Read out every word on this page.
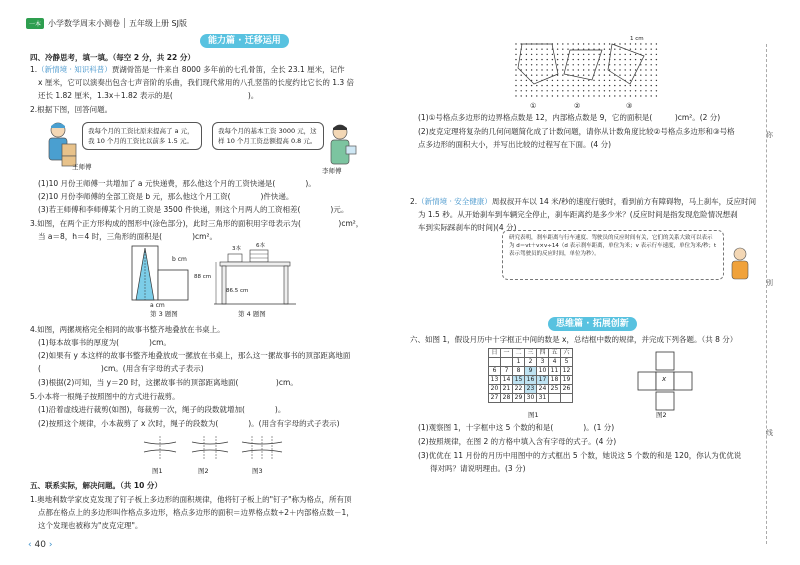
一本 小学数学周末小测卷 五年级上册 SJ版
能力篇 · 迁移运用
四、冷静思考，填一填。（每空 2 分，共 22 分）
1.（新情境 · 知识科普）贾湖骨笛是一件来自 8000 多年前的七孔骨笛，全长 23.1 厘米，记作
x 厘米，它可以演奏出包含七声音阶的乐曲，我们现代常用的八孔竖笛的长度约比它长的 1.3 倍
还长 1.82 厘米，1.3x＋1.82 表示的是(　　　　　　　　　　)。
2.根据下图，回答问题。
我每个月的工资比原来提高了 a 元，我 10 个月的工资比以前多 1.5 元。
我每个月的基本工资 3000 元，这样 10 个月工资总额提高 0.8 元。
王师傅	李师傅
(1)10 月份王师傅一共增加了 a 元快递费，那么他这个月的工资快递是(　　　　)。
(2)10 月份李师傅的全部工资是 b 元，那么他这个月工资(　　　　)件快递。
(3)若王师傅和李师傅某个月的工资是 3500 件快递，则这个月两人的工资相差(　　　　)元。
3.如图，在两个正方形构成的图形中(涂色部分)，此时三角形的面积用字母表示为(　　　　　)cm²，
当 a＝8，h＝4 时，三角形的面积是(　　　　)cm²。
b cm
a cm
第 3 题图
3本	6本
88 cm
86.5 cm
第 4 题图
4.如图，两摞规格完全相同的故事书整齐地叠放在书桌上。
(1)每本故事书的厚度为(　　　　)cm。
(2)如果有 y 本这样的故事书整齐地叠放成一摞放在书桌上，那么这一摞故事书的顶部距离地面
(　　　　　　　　)cm。(用含有字母的式子表示)
(3)根据(2)可知，当 y＝20 时，这摞故事书的顶部距离地面(　　　　　)cm。
5.小本将一根绳子按照图中的方式进行裁剪。
(1)沿着虚线进行裁剪(如图)，每裁剪一次，绳子的段数就增加(　　　　)。
(2)按照这个规律，小本裁剪了 x 次时，绳子的段数为(　　　　)。(用含有字母的式子表示)
图1	图2	图3
五、联系实际，解决问题。（共 10 分）
1.奥地利数学家皮克发现了钉子板上多边形的面积规律，他将钉子板上的"钉子"称为格点，所有顶
点都在格点上的多边形叫作格点多边形，格点多边形的面积＝边界格点数÷2＋内部格点数－1，
这个发现也被称为"皮克定理"。
‹ 40 ›
1 cm
①	②	③
(1)①号格点多边形的边界格点数是 12，内部格点数是 9，它的面积是(　　　)cm²。(2 分)
(2)皮克定理将复杂的几何问题简化成了计数问题，请你从计数角度比较②号格点多边形和③号格
点多边形的面积大小，并写出比较的过程写在下面。(4 分)
2.（新情境 · 安全健康）周叔叔开车以 14 米/秒的速度行驶时，看到前方有障碍物，马上刹车，反应时间
为 1.5 秒。从开始刹车到车辆完全停止，刹车距离约是多少米？(反应时间是指发现危险情况想刹
车到实际踩刹车的时间)(4 分)
研究表明，刹车距离与行车速度、驾驶员的反应时间有关，它们的关系大致可以表示为 d＝vt＋v×v÷14（d 表示刹车距离，单位为米；v 表示行车速度，单位为米/秒；t 表示驾驶员的反应时间，单位为秒）。
思维篇 · 拓展创新
六、如图 1，假设月历中十字框正中间的数是 x，总结框中数的规律，并完成下列各题。（共 8 分）
日	一	二	三	四	五	六
		1	2	3	4	5
6	7	8	9	10	11	12
13	14	15	16	17	18	19
20	21	22	23	24	25	26
27	28	29	30	31		
图1
x
图2
(1)观察图 1，十字框中这 5 个数的和是(　　　　)。(1 分)
(2)按照规律，在图 2 的方格中填入含有字母的式子。(4 分)
(3)优优在 11 月份的月历中用图中的方式框出 5 个数，她说这 5 个数的和是 120，你认为优优说
得对吗？请说明理由。(3 分)
你
别
线
